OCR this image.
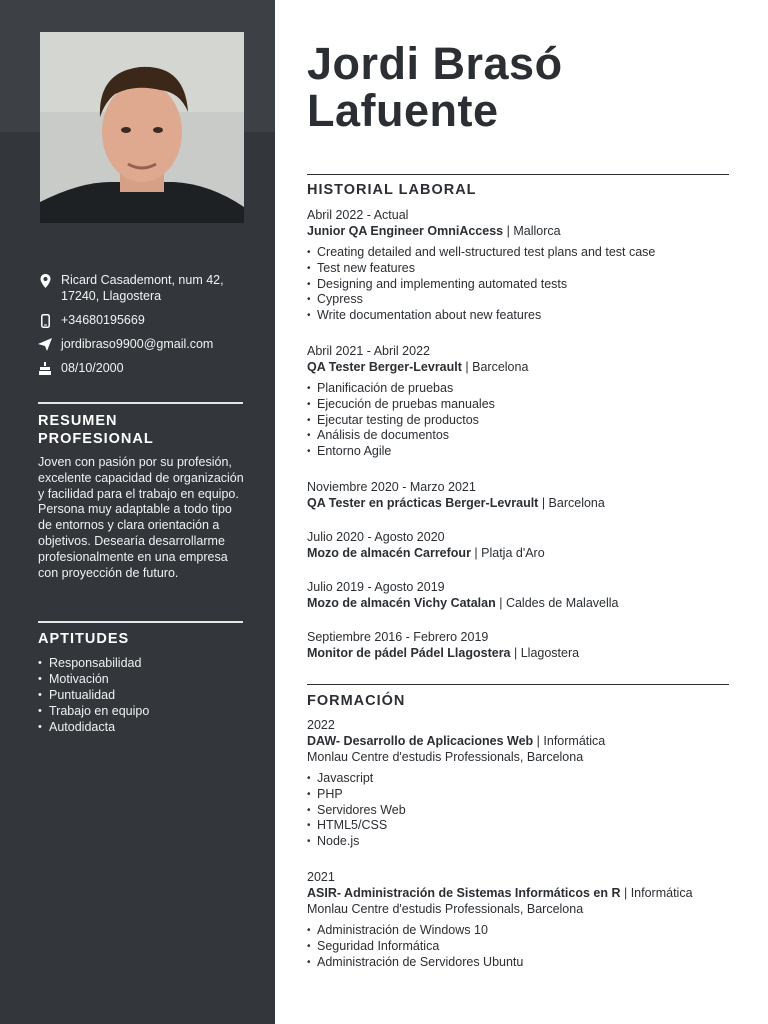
Ricard Casademont, num 42,
17240, Llagostera
+34680195669
jordibraso9900@gmail.com
08/10/2000
RESUMEN
PROFESIONAL

Joven con pasión por su profesión, excelente capacidad de organización y facilidad para el trabajo en equipo. Persona muy adaptable a todo tipo de entornos y clara orientación a objetivos. Desearía desarrollarme profesionalmente en una empresa con proyección de futuro.

APTITUDES
• Responsabilidad
• Motivación
• Puntualidad
• Trabajo en equipo
• Autodidacta
Jordi Brasó
Lafuente
HISTORIAL LABORAL
Abril 2022 - Actual
Junior QA Engineer OmniAccess | Mallorca
• Creating detailed and well-structured test plans and test case
• Test new features
• Designing and implementing automated tests
• Cypress
• Write documentation about new features
Abril 2021 - Abril 2022
QA Tester Berger-Levrault | Barcelona
• Planificación de pruebas
• Ejecución de pruebas manuales
• Ejecutar testing de productos
• Análisis de documentos
• Entorno Agile
Noviembre 2020 - Marzo 2021
QA Tester en prácticas Berger-Levrault | Barcelona
Julio 2020 - Agosto 2020
Mozo de almacén Carrefour | Platja d'Aro
Julio 2019 - Agosto 2019
Mozo de almacén Vichy Catalan | Caldes de Malavella
Septiembre 2016 - Febrero 2019
Monitor de pádel Pádel Llagostera | Llagostera
FORMACIÓN
2022
DAW- Desarrollo de Aplicaciones Web | Informática
Monlau Centre d'estudis Professionals, Barcelona
• Javascript
• PHP
• Servidores Web
• HTML5/CSS
• Node.js
2021
ASIR- Administración de Sistemas Informáticos en R | Informática
Monlau Centre d'estudis Professionals, Barcelona
• Administración de Windows 10
• Seguridad Informática
• Administración de Servidores Ubuntu
